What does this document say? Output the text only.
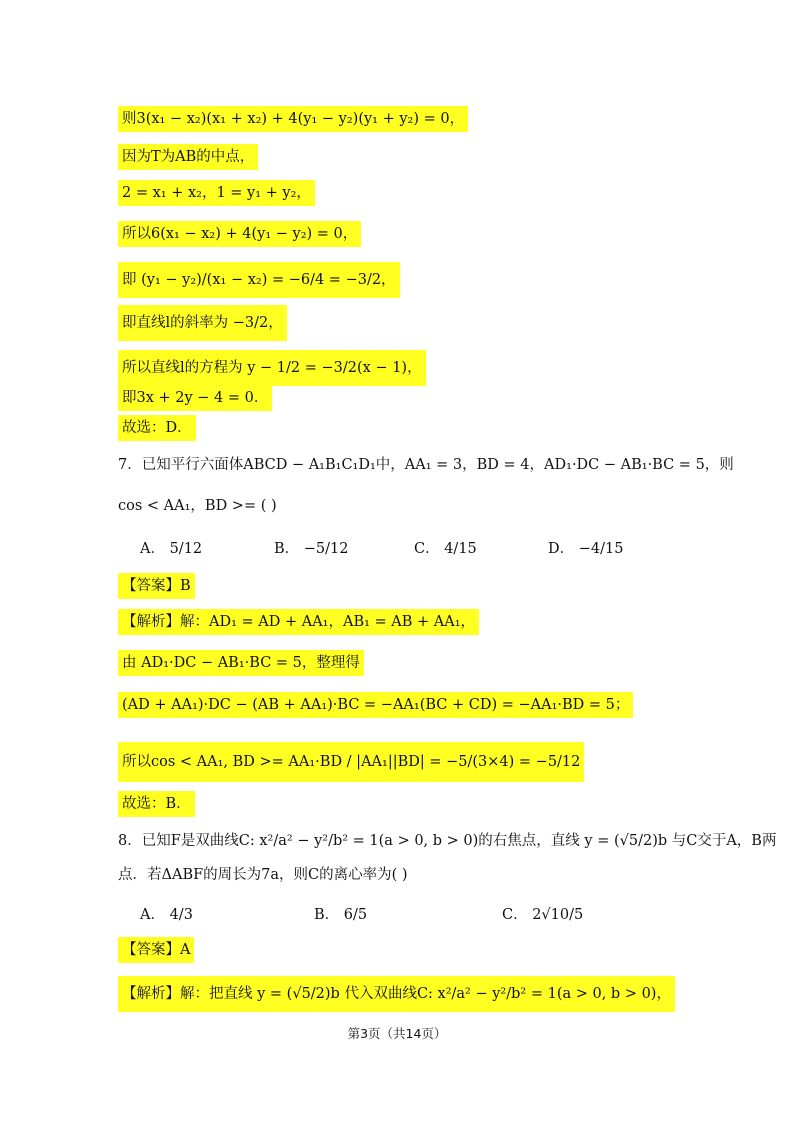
则3(x₁ − x₂)(x₁ + x₂) + 4(y₁ − y₂)(y₁ + y₂) = 0，
因为T为AB的中点，
2 = x₁ + x₂，1 = y₁ + y₂，
所以6(x₁ − x₂) + 4(y₁ − y₂) = 0，
即 (y₁ − y₂)/(x₁ − x₂) = −6/4 = −3/2，
即直线l的斜率为 −3/2，
所以直线l的方程为 y − 1/2 = −3/2(x − 1)，
即3x + 2y − 4 = 0．
故选：D．
7．已知平行六面体ABCD − A₁B₁C₁D₁中，AA₁ = 3，BD = 4，AD₁·DC − AB₁·BC = 5，则
cos < AA₁，BD >= ( )
A． 5/12	B． −5/12	C． 4/15	D． −4/15
【答案】B
【解析】解：AD₁ = AD + AA₁，AB₁ = AB + AA₁，
由 AD₁·DC − AB₁·BC = 5，整理得
(AD + AA₁)·DC − (AB + AA₁)·BC = −AA₁(BC + CD) = −AA₁·BD = 5；
所以cos < AA₁, BD >= AA₁·BD / |AA₁||BD| = −5/(3×4) = −5/12
故选：B．
8．已知F是双曲线C: x²/a² − y²/b² = 1(a > 0, b > 0)的右焦点，直线 y = (√5/2)b 与C交于A，B两
点．若ΔABF的周长为7a，则C的离心率为( )
A． 4/3	B． 6/5	C． 2√10/5
【答案】A
【解析】解：把直线 y = (√5/2)b 代入双曲线C: x²/a² − y²/b² = 1(a > 0, b > 0)，
第3页（共14页）
